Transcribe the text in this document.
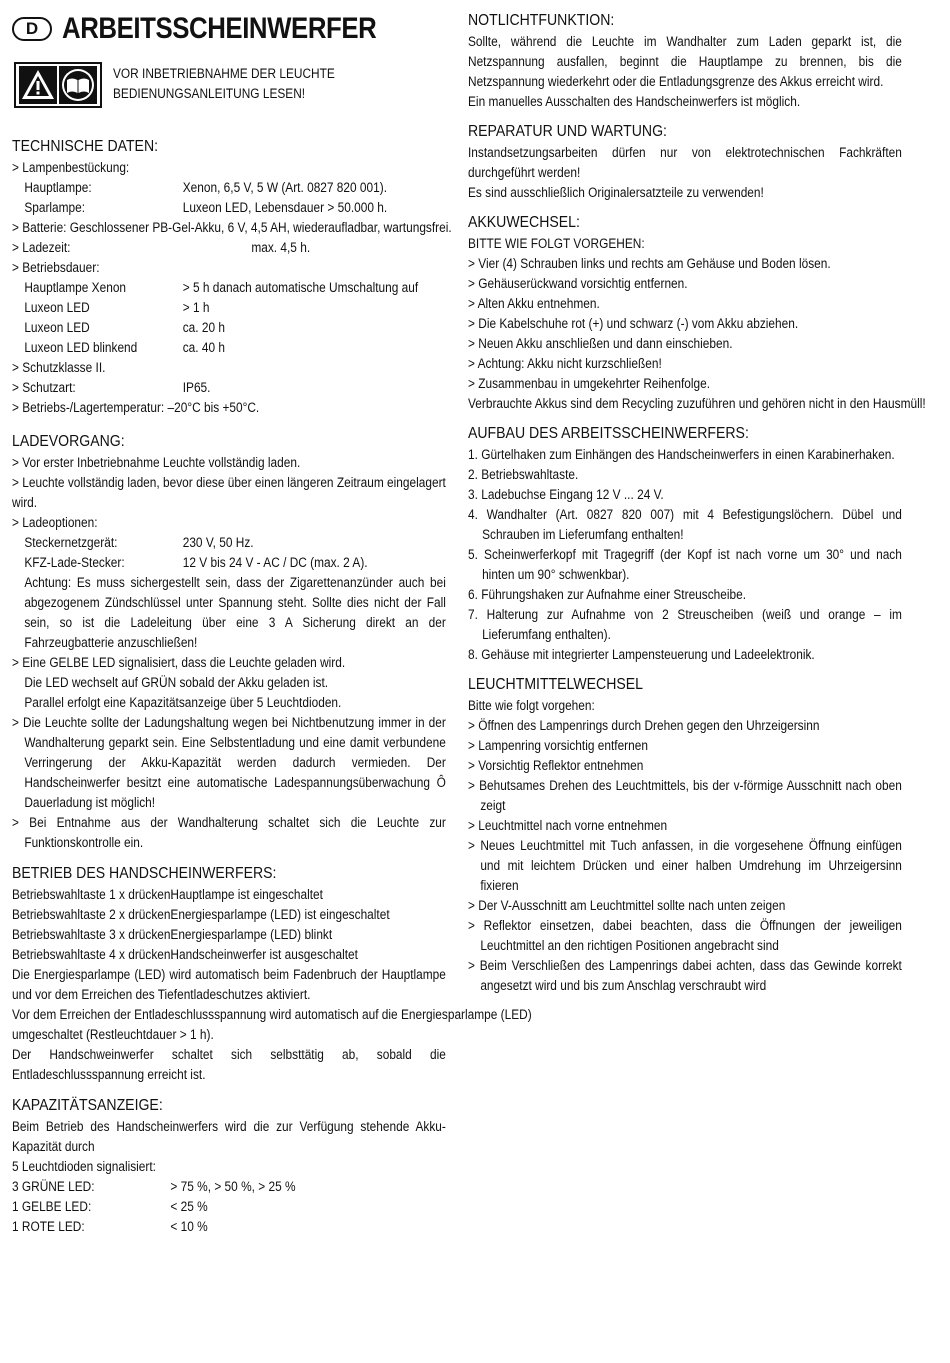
D ARBEITSSCHEINWERFER
VOR INBETRIEBNAHME DER LEUCHTE
BEDIENUNGSANLEITUNG LESEN!
TECHNISCHE DATEN:
> Lampenbestückung:
Hauptlampe:	Xenon, 6,5 V, 5 W (Art. 0827 820 001).
Sparlampe:	Luxeon LED, Lebensdauer > 50.000 h.
> Batterie: Geschlossener PB-Gel-Akku, 6 V, 4,5 AH, wiederaufladbar, wartungsfrei.
> Ladezeit:	max. 4,5 h.
> Betriebsdauer:
Hauptlampe Xenon	> 5 h danach automatische Umschaltung auf
Luxeon LED	> 1 h
Luxeon LED	ca. 20 h
Luxeon LED blinkend	ca. 40 h
> Schutzklasse II.
> Schutzart:	IP65.
> Betriebs-/Lagertemperatur: –20°C bis +50°C.
LADEVORGANG:
> Vor erster Inbetriebnahme Leuchte vollständig laden.
> Leuchte vollständig laden, bevor diese über einen längeren Zeitraum eingelagert wird.
> Ladeoptionen:
Steckernetzgerät:	230 V, 50 Hz.
KFZ-Lade-Stecker:	12 V bis 24 V - AC / DC (max. 2 A).
Achtung: Es muss sichergestellt sein, dass der Zigarettenanzünder auch bei abgezogenem Zündschlüssel unter Spannung steht. Sollte dies nicht der Fall sein, so ist die Ladeleitung über eine 3 A Sicherung direkt an der Fahrzeugbatterie anzuschließen!
> Eine GELBE LED signalisiert, dass die Leuchte geladen wird.
Die LED wechselt auf GRÜN sobald der Akku geladen ist.
Parallel erfolgt eine Kapazitätsanzeige über 5 Leuchtdioden.
> Die Leuchte sollte der Ladungshaltung wegen bei Nichtbenutzung immer in der Wandhalterung geparkt sein. Eine Selbstentladung und eine damit verbundene Verringerung der Akku-Kapazität werden dadurch vermieden. Der Handscheinwerfer besitzt eine automatische Ladespannungsüberwachung Ô Dauerladung ist möglich!
> Bei Entnahme aus der Wandhalterung schaltet sich die Leuchte zur Funktionskontrolle ein.
BETRIEB DES HANDSCHEINWERFERS:
Betriebswahltaste 1 x drücken:
Hauptlampe ist eingeschaltet
Betriebswahltaste 2 x drücken:
Energiesparlampe (LED) ist eingeschaltet
Betriebswahltaste 3 x drücken:
Energiesparlampe (LED) blinkt
Betriebswahltaste 4 x drücken:
Handscheinwerfer ist ausgeschaltet
Die Energiesparlampe (LED) wird automatisch beim Fadenbruch der Hauptlampe und vor dem Erreichen des Tiefentladeschutzes aktiviert.
Vor dem Erreichen der Entladeschlussspannung wird automatisch auf die Energiesparlampe (LED)
umgeschaltet (Restleuchtdauer > 1 h).
Der Handschweinwerfer schaltet sich selbsttätig ab, sobald die Entladeschlussspannung erreicht ist.
KAPAZITÄTSANZEIGE:
Beim Betrieb des Handscheinwerfers wird die zur Verfügung stehende Akku-Kapazität durch
5 Leuchtdioden signalisiert:
3 GRÜNE LED:	> 75 %, > 50 %, > 25 %
1 GELBE LED:	< 25 %
1 ROTE LED:	< 10 %
NOTLICHTFUNKTION:
Sollte, während die Leuchte im Wandhalter zum Laden geparkt ist, die Netzspannung ausfallen, beginnt die Hauptlampe zu brennen, bis die Netzspannung wiederkehrt oder die Entladungsgrenze des Akkus erreicht wird.
Ein manuelles Ausschalten des Handscheinwerfers ist möglich.
REPARATUR UND WARTUNG:
Instandsetzungsarbeiten dürfen nur von elektrotechnischen Fachkräften durchgeführt werden!
Es sind ausschließlich Originalersatzteile zu verwenden!
AKKUWECHSEL:
BITTE WIE FOLGT VORGEHEN:
> Vier (4) Schrauben links und rechts am Gehäuse und Boden lösen.
> Gehäuserückwand vorsichtig entfernen.
> Alten Akku entnehmen.
> Die Kabelschuhe rot (+) und schwarz (-) vom Akku abziehen.
> Neuen Akku anschließen und dann einschieben.
> Achtung: Akku nicht kurzschließen!
> Zusammenbau in umgekehrter Reihenfolge.
Verbrauchte Akkus sind dem Recycling zuzuführen und gehören nicht in den Hausmüll!
AUFBAU DES ARBEITSSCHEINWERFERS:
1. Gürtelhaken zum Einhängen des Handscheinwerfers in einen Karabinerhaken.
2. Betriebswahltaste.
3. Ladebuchse Eingang 12 V ... 24 V.
4. Wandhalter (Art. 0827 820 007) mit 4 Befestigungslöchern. Dübel und Schrauben im Lieferumfang enthalten!
5. Scheinwerferkopf mit Tragegriff (der Kopf ist nach vorne um 30° und nach hinten um 90° schwenkbar).
6. Führungshaken zur Aufnahme einer Streuscheibe.
7. Halterung zur Aufnahme von 2 Streuscheiben (weiß und orange – im Lieferumfang enthalten).
8. Gehäuse mit integrierter Lampensteuerung und Ladeelektronik.
LEUCHTMITTELWECHSEL
Bitte wie folgt vorgehen:
> Öffnen des Lampenrings durch Drehen gegen den Uhrzeigersinn
> Lampenring vorsichtig entfernen
> Vorsichtig Reflektor entnehmen
> Behutsames Drehen des Leuchtmittels, bis der v-förmige Ausschnitt nach oben zeigt
> Leuchtmittel nach vorne entnehmen
> Neues Leuchtmittel mit Tuch anfassen, in die vorgesehene Öffnung einfügen und mit leichtem Drücken und einer halben Umdrehung im Uhrzeigersinn fixieren
> Der V-Ausschnitt am Leuchtmittel sollte nach unten zeigen
> Reflektor einsetzen, dabei beachten, dass die Öffnungen der jeweiligen Leuchtmittel an den richtigen Positionen angebracht sind
> Beim Verschließen des Lampenrings dabei achten, dass das Gewinde korrekt angesetzt wird und bis zum Anschlag verschraubt wird
